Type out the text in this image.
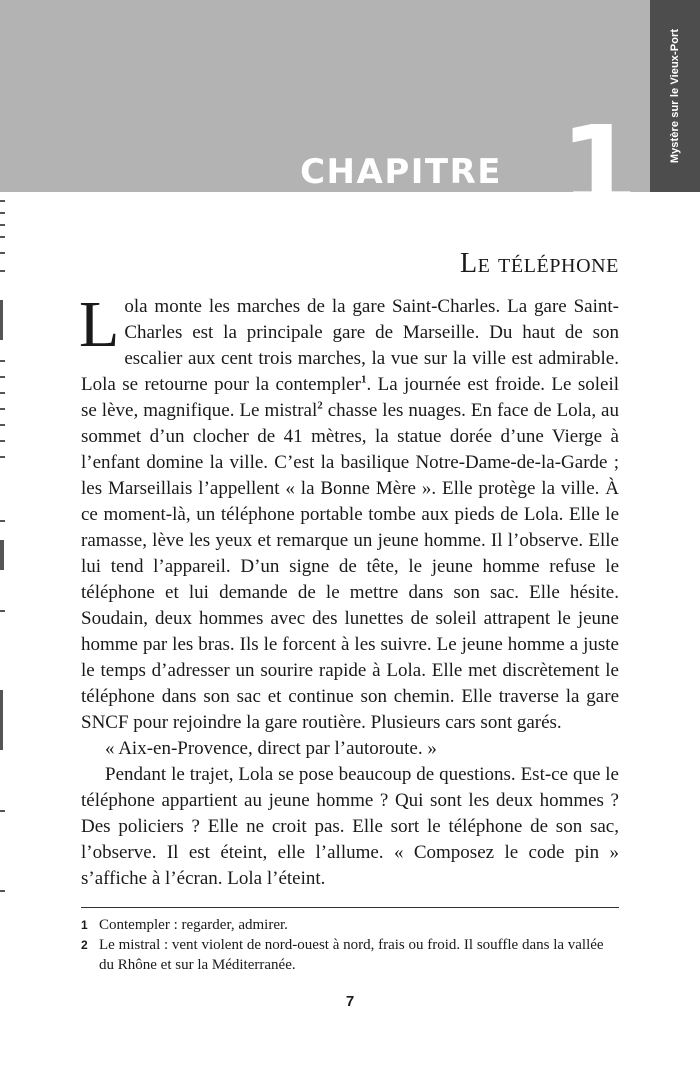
CHAPITRE 1
Mystère sur le Vieux-Port
Le téléphone

Lola monte les marches de la gare Saint-Charles. La gare Saint-Charles est la principale gare de Marseille. Du haut de son escalier aux cent trois marches, la vue sur la ville est admirable. Lola se retourne pour la contempler$^1$. La journée est froide. Le soleil se lève, magnifique. Le mistral$^2$ chasse les nuages. En face de Lola, au sommet d’un clocher de 41 mètres, la statue dorée d’une Vierge à l’enfant domine la ville. C’est la basilique Notre-Dame-de-la-Garde ; les Marseillais l’appellent « la Bonne Mère ». Elle protège la ville. À ce moment-là, un téléphone portable tombe aux pieds de Lola. Elle le ramasse, lève les yeux et remarque un jeune homme. Il l’observe. Elle lui tend l’appareil. D’un signe de tête, le jeune homme refuse le téléphone et lui demande de le mettre dans son sac. Elle hésite. Soudain, deux hommes avec des lunettes de soleil attrapent le jeune homme par les bras. Ils le forcent à les suivre. Le jeune homme a juste le temps d’adresser un sourire rapide à Lola. Elle met discrètement le téléphone dans son sac et continue son chemin. Elle traverse la gare SNCF pour rejoindre la gare routière. Plusieurs cars sont garés.

« Aix-en-Provence, direct par l’autoroute. »

Pendant le trajet, Lola se pose beaucoup de questions. Est-ce que le téléphone appartient au jeune homme ? Qui sont les deux hommes ? Des policiers ? Elle ne croit pas. Elle sort le téléphone de son sac, l’observe. Il est éteint, elle l’allume. « Composez le code pin » s’affiche à l’écran. Lola l’éteint.

1 Contempler : regarder, admirer.
2 Le mistral : vent violent de nord-ouest à nord, frais ou froid. Il souffle dans la vallée du Rhône et sur la Méditerranée.
7
